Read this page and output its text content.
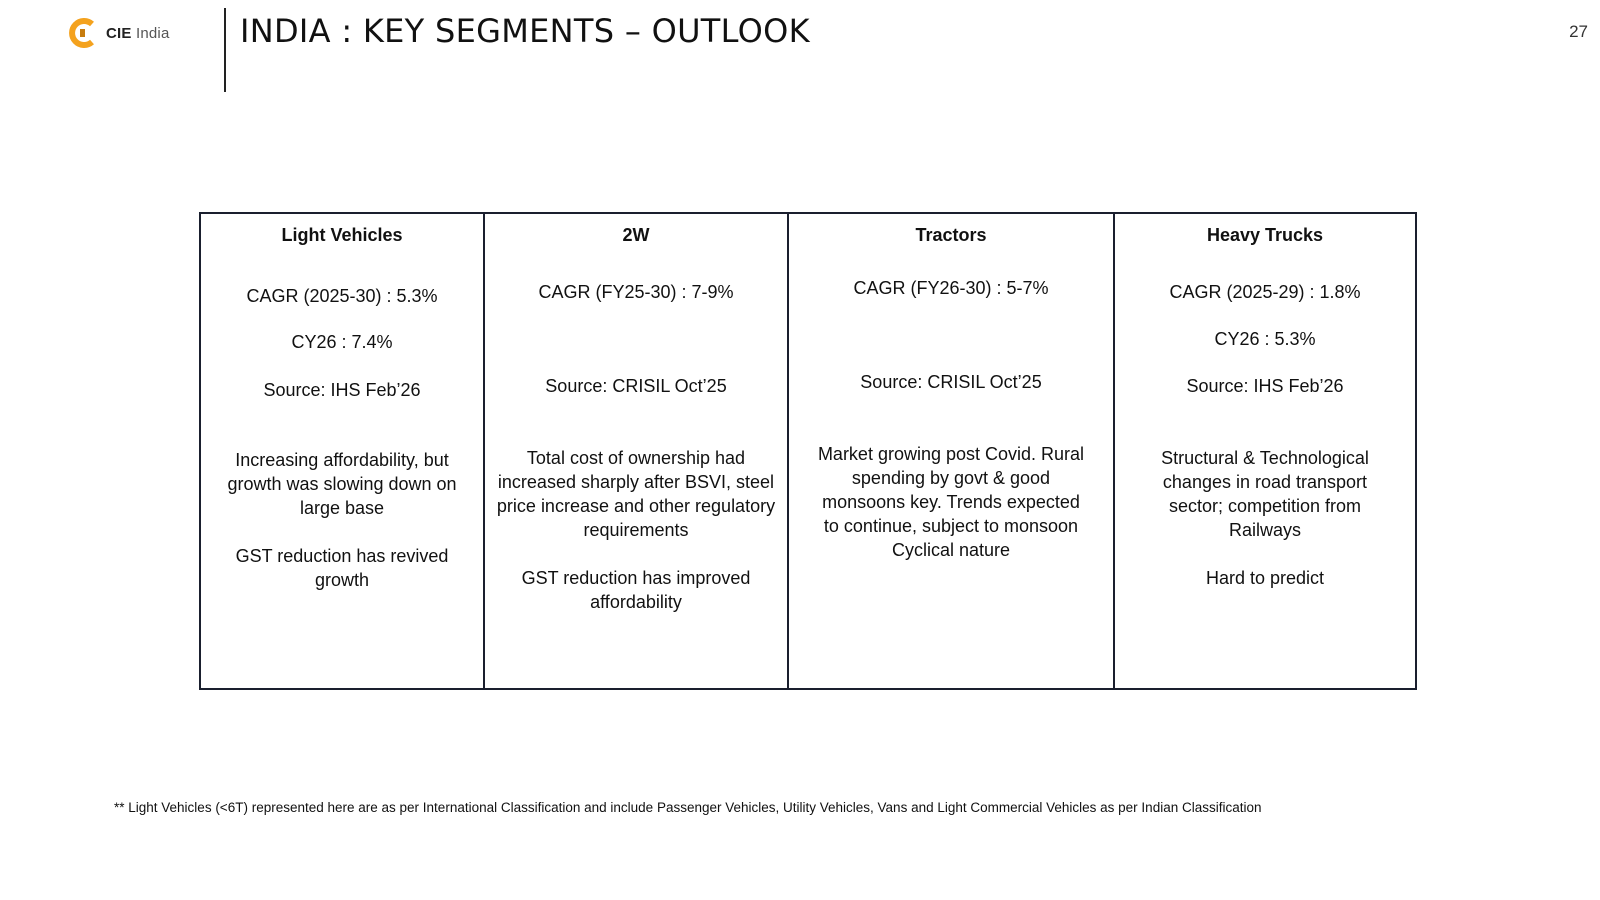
CIE India INDIA : KEY SEGMENTS – OUTLOOK	27
Light Vehicles
CAGR (2025-30) : 5.3%
CY26 : 7.4%
Source: IHS Feb’26

Increasing affordability, but growth was slowing down on large base

GST reduction has revived growth

2W
CAGR (FY25-30) : 7-9%
Source: CRISIL Oct’25

Total cost of ownership had increased sharply after BSVI, steel price increase and other regulatory requirements

GST reduction has improved affordability

Tractors
CAGR (FY26-30) : 5-7%
Source: CRISIL Oct’25

Market growing post Covid. Rural spending by govt & good monsoons key. Trends expected to continue, subject to monsoon Cyclical nature

Heavy Trucks
CAGR (2025-29) : 1.8%
CY26 : 5.3%
Source: IHS Feb’26

Structural & Technological changes in road transport sector; competition from Railways

Hard to predict

** Light Vehicles (<6T) represented here are as per International Classification and include Passenger Vehicles, Utility Vehicles, Vans and Light Commercial Vehicles as per Indian Classification
